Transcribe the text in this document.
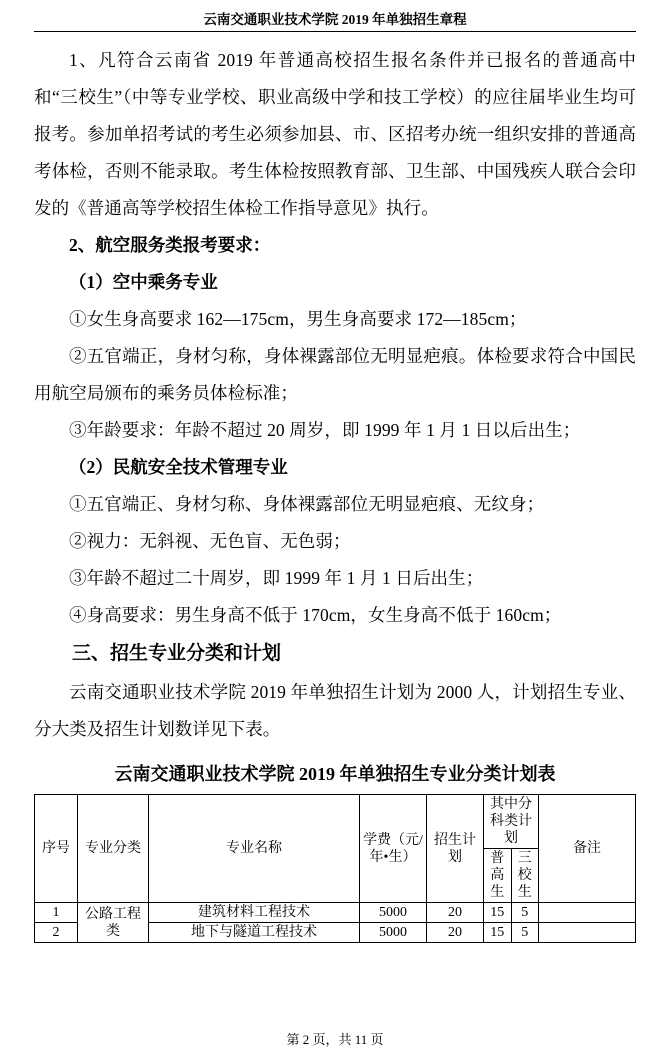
云南交通职业技术学院 2019 年单独招生章程

1、凡符合云南省 2019 年普通高校招生报名条件并已报名的普通高中和“三校生”（中等专业学校、职业高级中学和技工学校）的应往届毕业生均可报考。参加单招考试的考生必须参加县、市、区招考办统一组织安排的普通高考体检，否则不能录取。考生体检按照教育部、卫生部、中国残疾人联合会印发的《普通高等学校招生体检工作指导意见》执行。

2、航空服务类报考要求：

（1）空中乘务专业

①女生身高要求 162—175cm，男生身高要求 172—185cm；

②五官端正，身材匀称，身体裸露部位无明显疤痕。体检要求符合中国民用航空局颁布的乘务员体检标准；

③年龄要求：年龄不超过 20 周岁，即 1999 年 1 月 1 日以后出生；

（2）民航安全技术管理专业

①五官端正、身材匀称、身体裸露部位无明显疤痕、无纹身；

②视力：无斜视、无色盲、无色弱；

③年龄不超过二十周岁，即 1999 年 1 月 1 日后出生；

④身高要求：男生身高不低于 170cm，女生身高不低于 160cm；

三、招生专业分类和计划

云南交通职业技术学院 2019 年单独招生计划为 2000 人，计划招生专业、分大类及招生计划数详见下表。

云南交通职业技术学院 2019 年单独招生专业分类计划表
序号	专业分类	专业名称	学费（元/年•生）	招生计划	其中分科类计划		备注
					普高生	三校生	
1	公路工程类	建筑材料工程技术	5000	20	15	5	
2		地下与隧道工程技术	5000	20	15	5	
第 2 页，共 11 页
